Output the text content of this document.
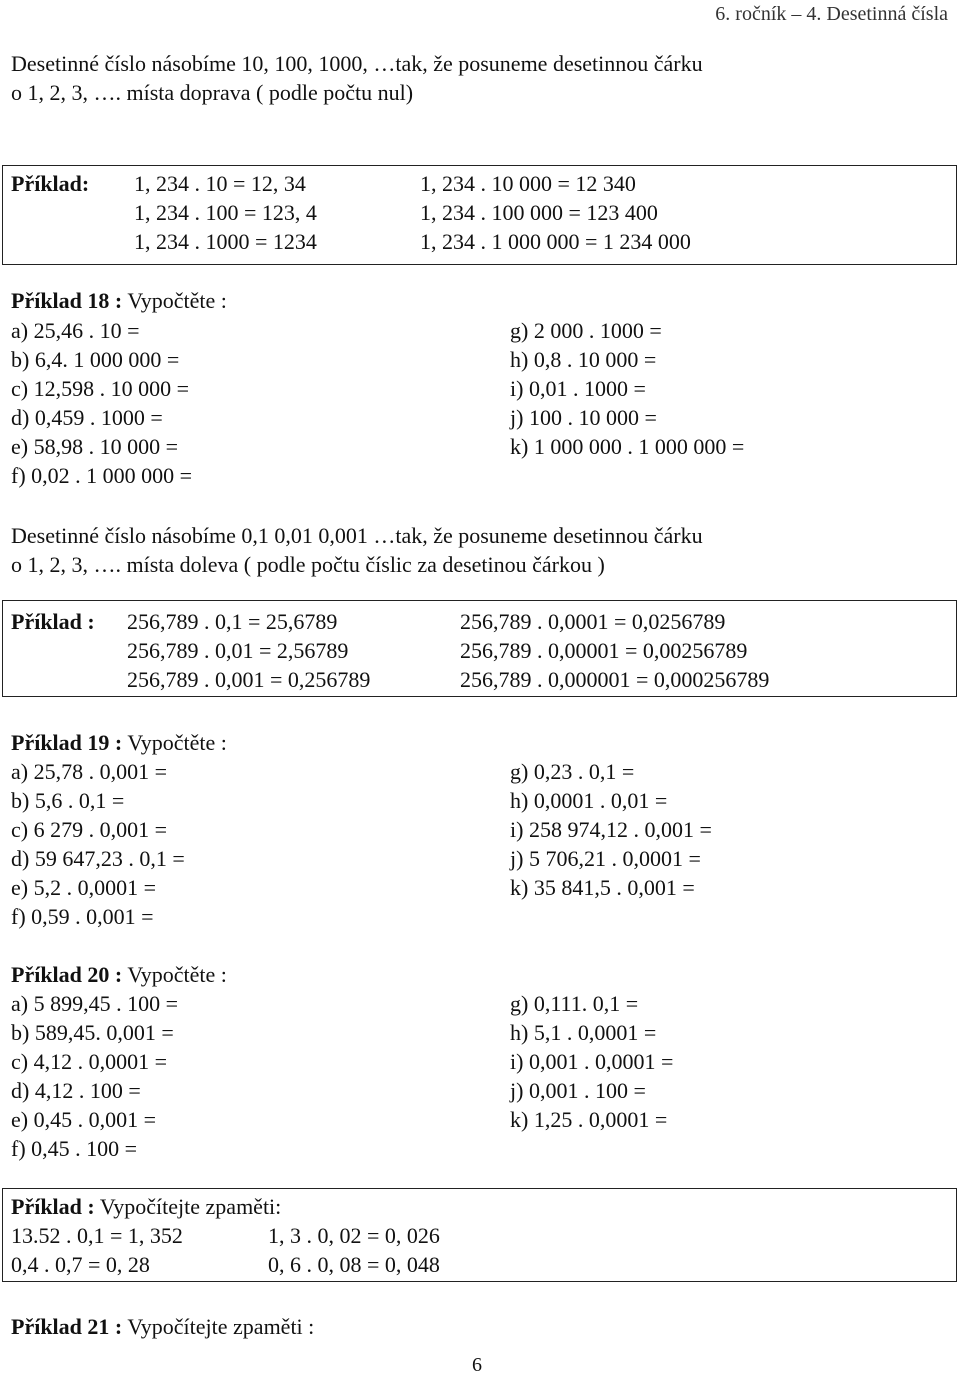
6. ročník – 4. Desetinná čísla
Desetinné číslo násobíme 10, 100, 1000, …tak, že posuneme desetinnou čárku
o 1, 2, 3, …. místa doprava ( podle počtu nul)
Příklad: 1, 234 . 10 = 12, 34
1, 234 . 100 = 123, 4
1, 234 . 1000 = 1234
1, 234 . 10 000 = 12 340
1, 234 . 100 000 = 123 400
1, 234 . 1 000 000 = 1 234 000
Příklad 18 : Vypočtěte :
a) 25,46 . 10 =
b) 6,4. 1 000 000 =
c) 12,598 . 10 000 =
d) 0,459 . 1000 =
e) 58,98 . 10 000 =
f) 0,02 . 1 000 000 =
g) 2 000 . 1000 =
h) 0,8 . 10 000 =
i) 0,01 . 1000 =
j) 100 . 10 000 =
k) 1 000 000 . 1 000 000 =
Desetinné číslo násobíme 0,1 0,01 0,001 …tak, že posuneme desetinnou čárku
o 1, 2, 3, …. místa doleva ( podle počtu číslic za desetinou čárkou )
Příklad : 256,789 . 0,1 = 25,6789
256,789 . 0,01 = 2,56789
256,789 . 0,001 = 0,256789
256,789 . 0,0001 = 0,0256789
256,789 . 0,00001 = 0,00256789
256,789 . 0,000001 = 0,000256789
Příklad 19 : Vypočtěte :
a) 25,78 . 0,001 =
b) 5,6 . 0,1 =
c) 6 279 . 0,001 =
d) 59 647,23 . 0,1 =
e) 5,2 . 0,0001 =
f) 0,59 . 0,001 =
g) 0,23 . 0,1 =
h) 0,0001 . 0,01 =
i) 258 974,12 . 0,001 =
j) 5 706,21 . 0,0001 =
k) 35 841,5 . 0,001 =
Příklad 20 : Vypočtěte :
a) 5 899,45 . 100 =
b) 589,45. 0,001 =
c) 4,12 . 0,0001 =
d) 4,12 . 100 =
e) 0,45 . 0,001 =
f) 0,45 . 100 =
g) 0,111. 0,1 =
h) 5,1 . 0,0001 =
i) 0,001 . 0,0001 =
j) 0,001 . 100 =
k) 1,25 . 0,0001 =
Příklad : Vypočítejte zpaměti:
13.52 . 0,1 = 1, 352
0,4 . 0,7 = 0, 28
1, 3 . 0, 02 = 0, 026
0, 6 . 0, 08 = 0, 048
Příklad 21 : Vypočítejte zpaměti :
6
